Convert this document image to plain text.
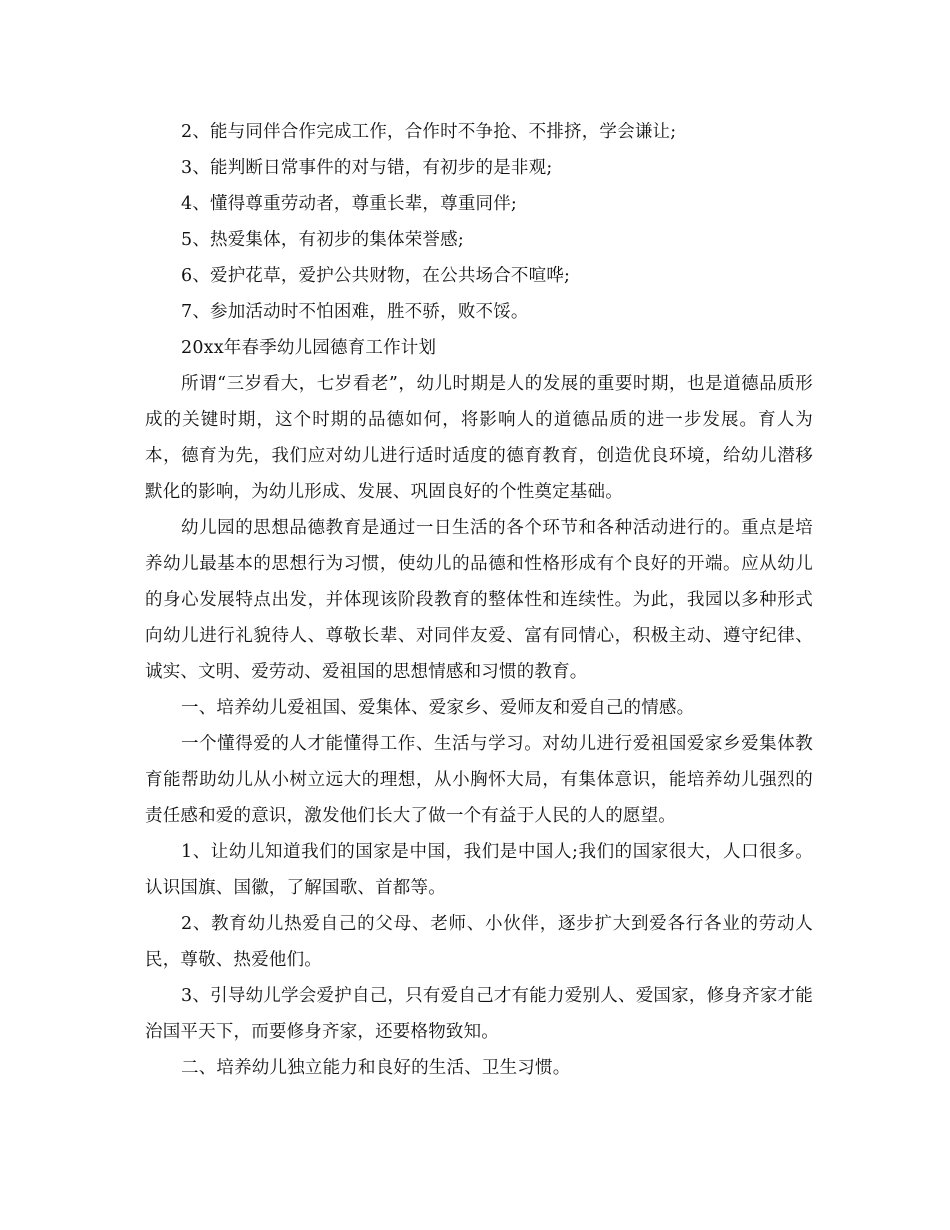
2、能与同伴合作完成工作，合作时不争抢、不排挤，学会谦让;

3、能判断日常事件的对与错，有初步的是非观;

4、懂得尊重劳动者，尊重长辈，尊重同伴;

5、热爱集体，有初步的集体荣誉感;

6、爱护花草，爱护公共财物，在公共场合不喧哗;

7、参加活动时不怕困难，胜不骄，败不馁。

20xx年春季幼儿园德育工作计划

所谓“三岁看大，七岁看老”，幼儿时期是人的发展的重要时期，也是道德品质形成的关键时期，这个时期的品德如何，将影响人的道德品质的进一步发展。育人为本，德育为先，我们应对幼儿进行适时适度的德育教育，创造优良环境，给幼儿潜移默化的影响，为幼儿形成、发展、巩固良好的个性奠定基础。

幼儿园的思想品德教育是通过一日生活的各个环节和各种活动进行的。重点是培养幼儿最基本的思想行为习惯，使幼儿的品德和性格形成有个良好的开端。应从幼儿的身心发展特点出发，并体现该阶段教育的整体性和连续性。为此，我园以多种形式向幼儿进行礼貌待人、尊敬长辈、对同伴友爱、富有同情心，积极主动、遵守纪律、诚实、文明、爱劳动、爱祖国的思想情感和习惯的教育。

一、培养幼儿爱祖国、爱集体、爱家乡、爱师友和爱自己的情感。

一个懂得爱的人才能懂得工作、生活与学习。对幼儿进行爱祖国爱家乡爱集体教育能帮助幼儿从小树立远大的理想，从小胸怀大局，有集体意识，能培养幼儿强烈的责任感和爱的意识，激发他们长大了做一个有益于人民的人的愿望。

1、让幼儿知道我们的国家是中国，我们是中国人;我们的国家很大，人口很多。认识国旗、国徽，了解国歌、首都等。

2、教育幼儿热爱自己的父母、老师、小伙伴，逐步扩大到爱各行各业的劳动人民，尊敬、热爱他们。

3、引导幼儿学会爱护自己，只有爱自己才有能力爱别人、爱国家，修身齐家才能治国平天下，而要修身齐家，还要格物致知。

二、培养幼儿独立能力和良好的生活、卫生习惯。
